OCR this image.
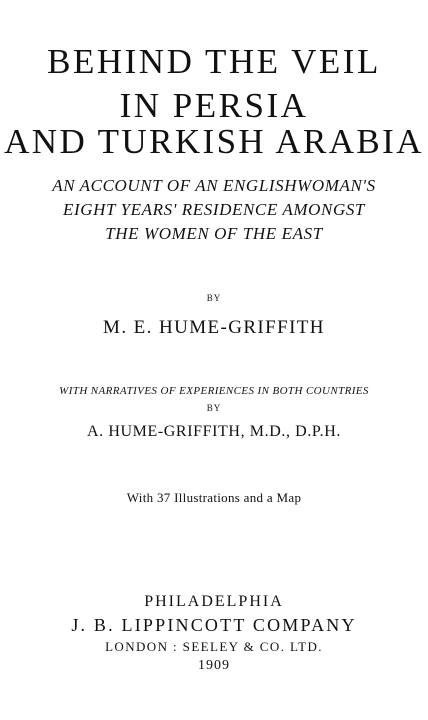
BEHIND THE VEIL

IN PERSIA

AND TURKISH ARABIA

AN ACCOUNT OF AN ENGLISHWOMAN'S

EIGHT YEARS' RESIDENCE AMONGST

THE WOMEN OF THE EAST

BY

M. E. HUME-GRIFFITH

WITH NARRATIVES OF EXPERIENCES IN BOTH COUNTRIES

BY

A. HUME-GRIFFITH, M.D., D.P.H.

With 37 Illustrations and a Map

PHILADELPHIA

J. B. LIPPINCOTT COMPANY

LONDON : SEELEY & CO. LTD.

1909
